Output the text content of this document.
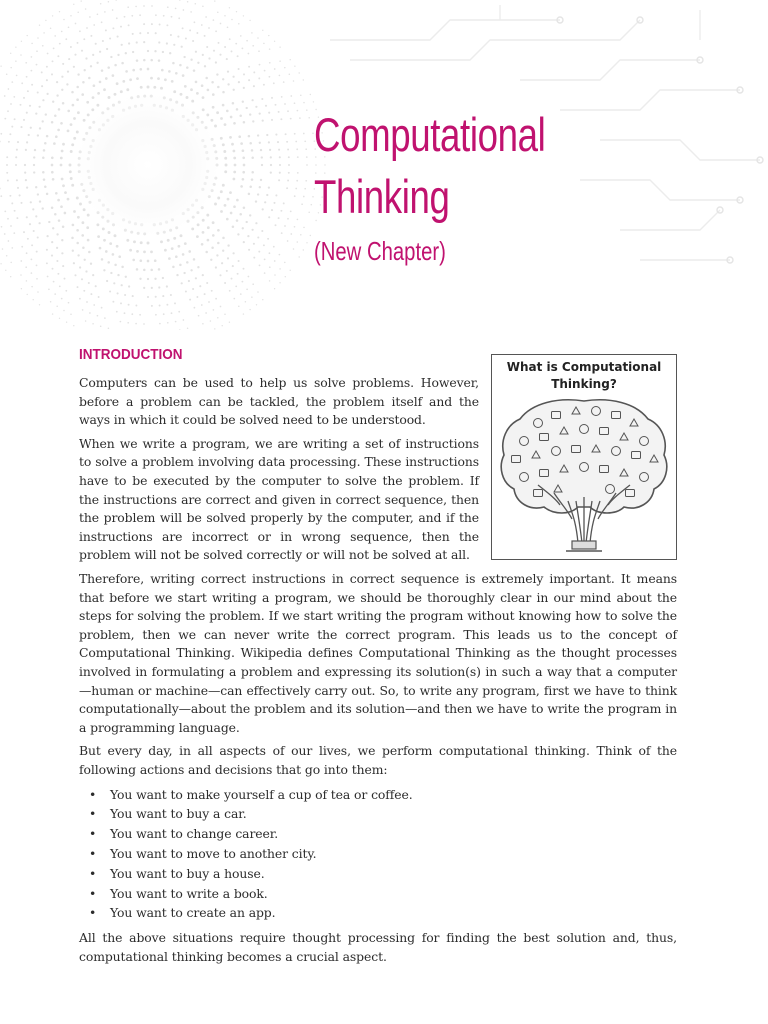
Computational
Thinking
(New Chapter)
INTRODUCTION

Computers can be used to help us solve problems. However, before a problem can be tackled, the problem itself and the ways in which it could be solved need to be understood.

When we write a program, we are writing a set of instructions to solve a problem involving data processing. These instructions have to be executed by the computer to solve the problem. If the instructions are correct and given in correct sequence, then the problem will be solved properly by the computer, and if the instructions are incorrect or in wrong sequence, then the problem will not be solved correctly or will not be solved at all.

What is Computational
Thinking?

Therefore, writing correct instructions in correct sequence is extremely important. It means that before we start writing a program, we should be thoroughly clear in our mind about the steps for solving the problem. If we start writing the program without knowing how to solve the problem, then we can never write the correct program. This leads us to the concept of Computational Thinking. Wikipedia defines Computational Thinking as the thought processes involved in formulating a problem and expressing its solution(s) in such a way that a computer—human or machine—can effectively carry out. So, to write any program, first we have to think computationally—about the problem and its solution—and then we have to write the program in a programming language.

But every day, in all aspects of our lives, we perform computational thinking. Think of the following actions and decisions that go into them:

• You want to make yourself a cup of tea or coffee.
• You want to buy a car.
• You want to change career.
• You want to move to another city.
• You want to buy a house.
• You want to write a book.
• You want to create an app.

All the above situations require thought processing for finding the best solution and, thus, computational thinking becomes a crucial aspect.
